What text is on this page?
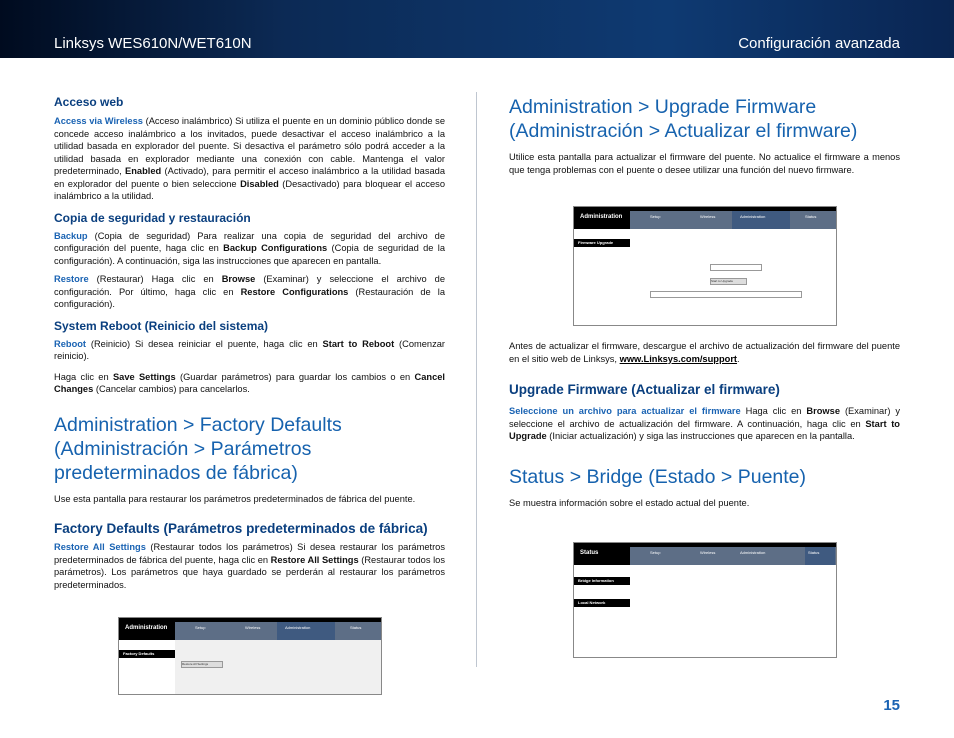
Linksys WES610N/WET610N	Configuración avanzada
Acceso web

Access via Wireless (Acceso inalámbrico) Si utiliza el puente en un dominio público donde se concede acceso inalámbrico a los invitados, puede desactivar el acceso inalámbrico a la utilidad basada en explorador del puente. Si desactiva el parámetro sólo podrá acceder a la utilidad basada en explorador mediante una conexión con cable. Mantenga el valor predeterminado, Enabled (Activado), para permitir el acceso inalámbrico a la utilidad basada en explorador del puente o bien seleccione Disabled (Desactivado) para bloquear el acceso inalámbrico a la utilidad.

Copia de seguridad y restauración

Backup (Copia de seguridad) Para realizar una copia de seguridad del archivo de configuración del puente, haga clic en Backup Configurations (Copia de seguridad de la configuración). A continuación, siga las instrucciones que aparecen en pantalla.

Restore (Restaurar) Haga clic en Browse (Examinar) y seleccione el archivo de configuración. Por último, haga clic en Restore Configurations (Restauración de la configuración).

System Reboot (Reinicio del sistema)

Reboot (Reinicio) Si desea reiniciar el puente, haga clic en Start to Reboot (Comenzar reinicio).

Haga clic en Save Settings (Guardar parámetros) para guardar los cambios o en Cancel Changes (Cancelar cambios) para cancelarlos.

Administration > Factory Defaults (Administración > Parámetros predeterminados de fábrica)

Use esta pantalla para restaurar los parámetros predeterminados de fábrica del puente.

Factory Defaults (Parámetros predeterminados de fábrica)

Restore All Settings (Restaurar todos los parámetros) Si desea restaurar los parámetros predeterminados de fábrica del puente, haga clic en Restore All Settings (Restaurar todos los parámetros). Los parámetros que haya guardado se perderán al restaurar los parámetros predeterminados.

Administration > Upgrade Firmware (Administración > Actualizar el firmware)

Utilice esta pantalla para actualizar el firmware del puente. No actualice el firmware a menos que tenga problemas con el puente o desee utilizar una función del nuevo firmware.

Antes de actualizar el firmware, descargue el archivo de actualización del firmware del puente en el sitio web de Linksys, www.Linksys.com/support.

Upgrade Firmware (Actualizar el firmware)

Seleccione un archivo para actualizar el firmware Haga clic en Browse (Examinar) y seleccione el archivo de actualización del firmware. A continuación, haga clic en Start to Upgrade (Iniciar actualización) y siga las instrucciones que aparecen en la pantalla.

Status > Bridge (Estado > Puente)

Se muestra información sobre el estado actual del puente.

Administration	Setup	Wireless	Administration	Status
Firmware Upgrade
Start to Upgrade
Status	Setup	Wireless	Administration	Status
Bridge Information
Local Network
Administration	Setup	Wireless	Administration	Status
Factory Defaults
Restore All Settings
15
